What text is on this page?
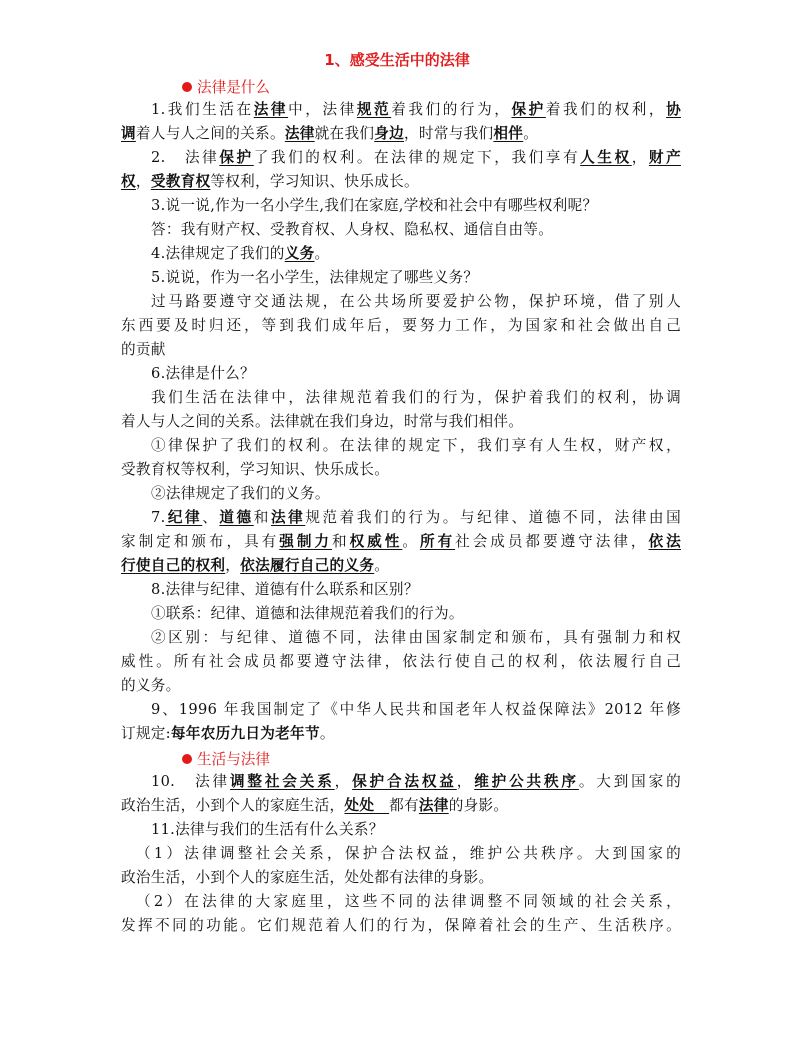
1、感受生活中的法律
法律是什么
1.我们生活在法律中，法律规范着我们的行为，保护着我们的权利，协
调着人与人之间的关系。法律就在我们身边，时常与我们相伴。
2.　法律保护了我们的权利。在法律的规定下，我们享有人生权，财产
权，受教育权等权利，学习知识、快乐成长。
3.说一说,作为一名小学生,我们在家庭,学校和社会中有哪些权利呢？
答：我有财产权、受教育权、人身权、隐私权、通信自由等。
4.法律规定了我们的义务。
5.说说，作为一名小学生，法律规定了哪些义务？
过马路要遵守交通法规，在公共场所要爱护公物，保护环境，借了别人
东西要及时归还，等到我们成年后，要努力工作，为国家和社会做出自己
的贡献
6.法律是什么？
我们生活在法律中，法律规范着我们的行为，保护着我们的权利，协调
着人与人之间的关系。法律就在我们身边，时常与我们相伴。
①律保护了我们的权利。在法律的规定下，我们享有人生权，财产权，
受教育权等权利，学习知识、快乐成长。
②法律规定了我们的义务。
7.纪律、道德和法律规范着我们的行为。与纪律、道德不同，法律由国
家制定和颁布，具有强制力和权威性。所有社会成员都要遵守法律，依法
行使自己的权利，依法履行自己的义务。
8.法律与纪律、道德有什么联系和区别？
①联系：纪律、道德和法律规范着我们的行为。
②区别：与纪律、道德不同，法律由国家制定和颁布，具有强制力和权
威性。所有社会成员都要遵守法律，依法行使自己的权利，依法履行自己
的义务。
9、1996 年我国制定了《中华人民共和国老年人权益保障法》2012 年修
订规定:每年农历九日为老年节。
生活与法律
10.　法律调整社会关系，保护合法权益，维护公共秩序。大到国家的
政治生活，小到个人的家庭生活，处处　都有法律的身影。
11.法律与我们的生活有什么关系？
（1）法律调整社会关系，保护合法权益，维护公共秩序。大到国家的
政治生活，小到个人的家庭生活，处处都有法律的身影。
（2）在法律的大家庭里，这些不同的法律调整不同领域的社会关系，
发挥不同的功能。它们规范着人们的行为，保障着社会的生产、生活秩序。
